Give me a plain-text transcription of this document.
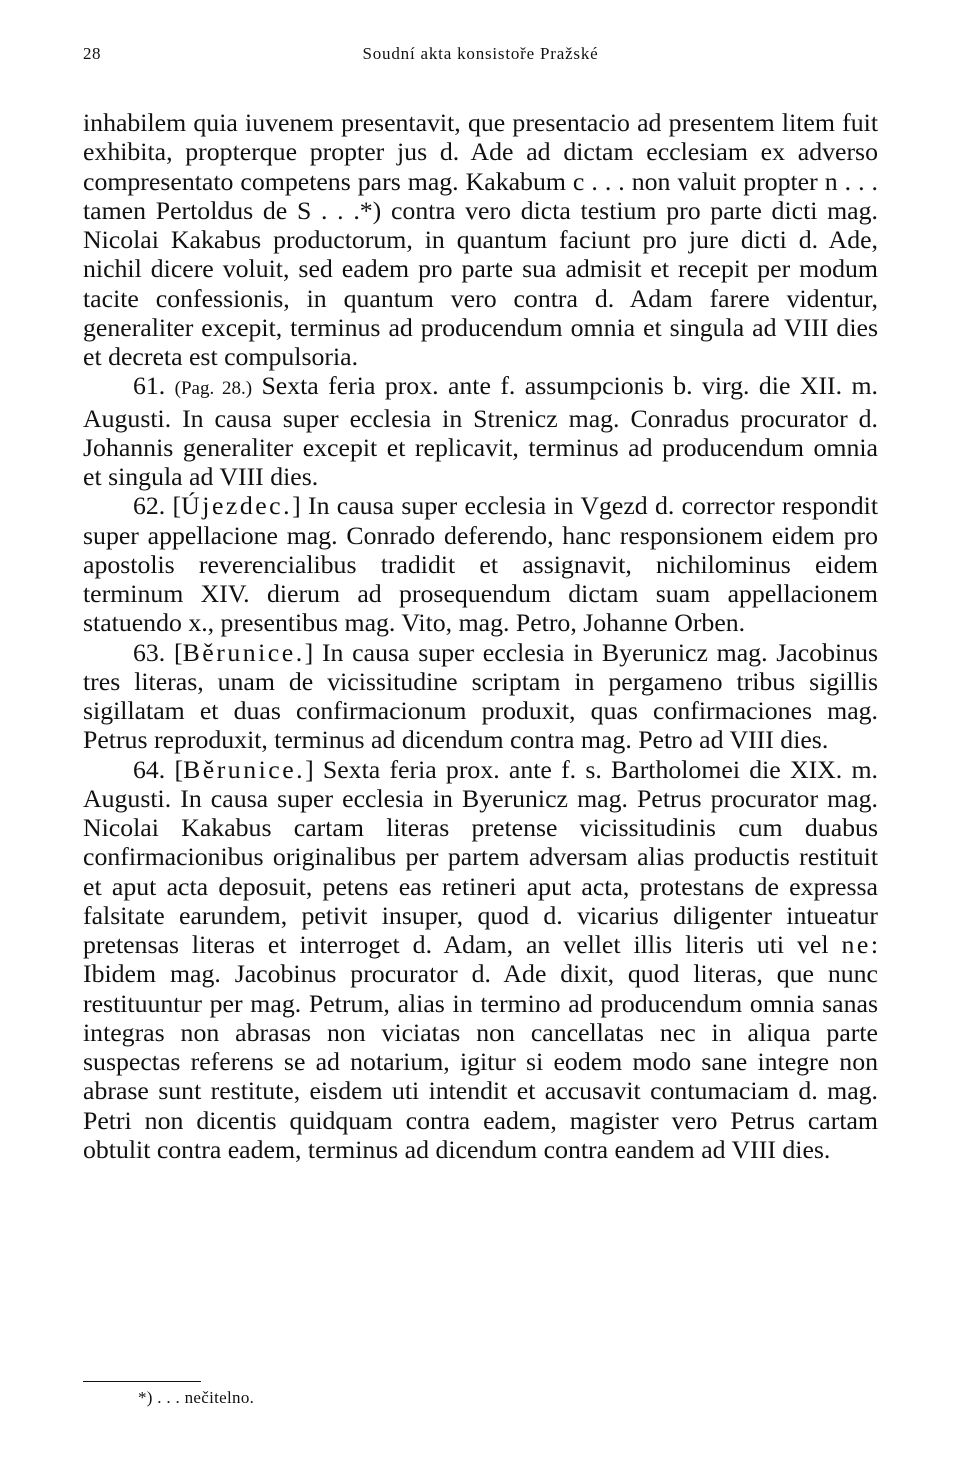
28	Soudní akta konsistoře Pražské

inhabilem quia iuvenem presentavit, que presentacio ad presentem litem fuit exhibita, propterque propter jus d. Ade ad dictam ecclesiam ex adverso compresentato competens pars mag. Kakabum c . . . non valuit propter n . . . tamen Pertoldus de S . . .*) contra vero dicta testium pro parte dicti mag. Nicolai Kakabus productorum, in quantum faciunt pro jure dicti d. Ade, nichil dicere voluit, sed eadem pro parte sua admisit et recepit per modum tacite confessionis, in quantum vero contra d. Adam farere videntur, generaliter excepit, terminus ad producendum omnia et singula ad VIII dies et decreta est compulsoria.

61. (Pag. 28.) Sexta feria prox. ante f. assumpcionis b. virg. die XII. m. Augusti. In causa super ecclesia in Strenicz mag. Conradus procurator d. Johannis generaliter excepit et replicavit, terminus ad producendum omnia et singula ad VIII dies.

62. [Újezdec.] In causa super ecclesia in Vgezd d. corrector respondit super appellacione mag. Conrado deferendo, hanc responsionem eidem pro apostolis reverencialibus tradidit et assignavit, nichilominus eidem terminum XIV. dierum ad prosequendum dictam suam appellacionem statuendo x., presentibus mag. Vito, mag. Petro, Johanne Orben.

63. [Běrunice.] In causa super ecclesia in Byerunicz mag. Jacobinus tres literas, unam de vicissitudine scriptam in pergameno tribus sigillis sigillatam et duas confirmacionum produxit, quas confirmaciones mag. Petrus reproduxit, terminus ad dicendum contra mag. Petro ad VIII dies.

64. [Běrunice.] Sexta feria prox. ante f. s. Bartholomei die XIX. m. Augusti. In causa super ecclesia in Byerunicz mag. Petrus procurator mag. Nicolai Kakabus cartam literas pretense vicissitudinis cum duabus confirmacionibus originalibus per partem adversam alias productis restituit et aput acta deposuit, petens eas retineri aput acta, protestans de expressa falsitate earundem, petivit insuper, quod d. vicarius diligenter intueatur pretensas literas et interroget d. Adam, an vellet illis literis uti vel ne: Ibidem mag. Jacobinus procurator d. Ade dixit, quod literas, que nunc restituuntur per mag. Petrum, alias in termino ad producendum omnia sanas integras non abrasas non viciatas non cancellatas nec in aliqua parte suspectas referens se ad notarium, igitur si eodem modo sane integre non abrase sunt restitute, eisdem uti intendit et accusavit contumaciam d. mag. Petri non dicentis quidquam contra eadem, magister vero Petrus cartam obtulit contra eadem, terminus ad dicendum contra eandem ad VIII dies.

*) . . . nečitelno.
